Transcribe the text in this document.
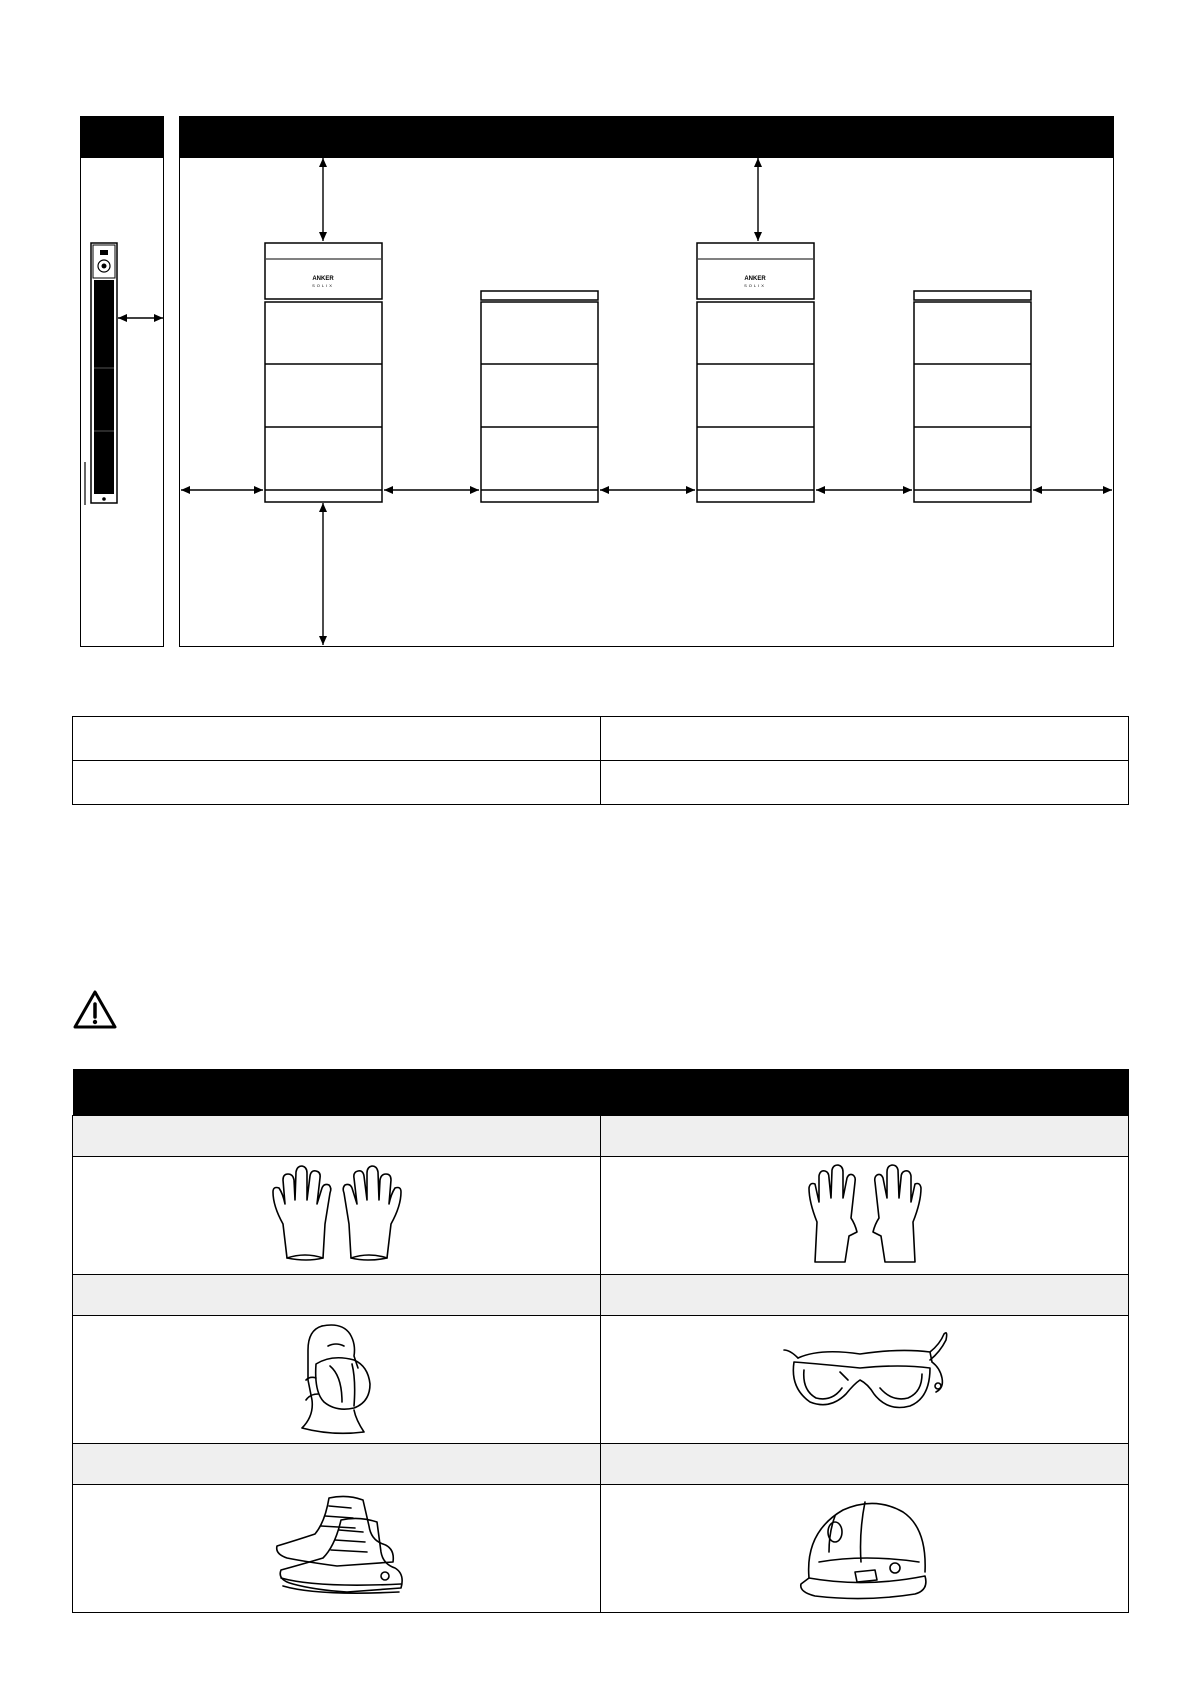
ANKER
SOLIX
ANKER
SOLIX
